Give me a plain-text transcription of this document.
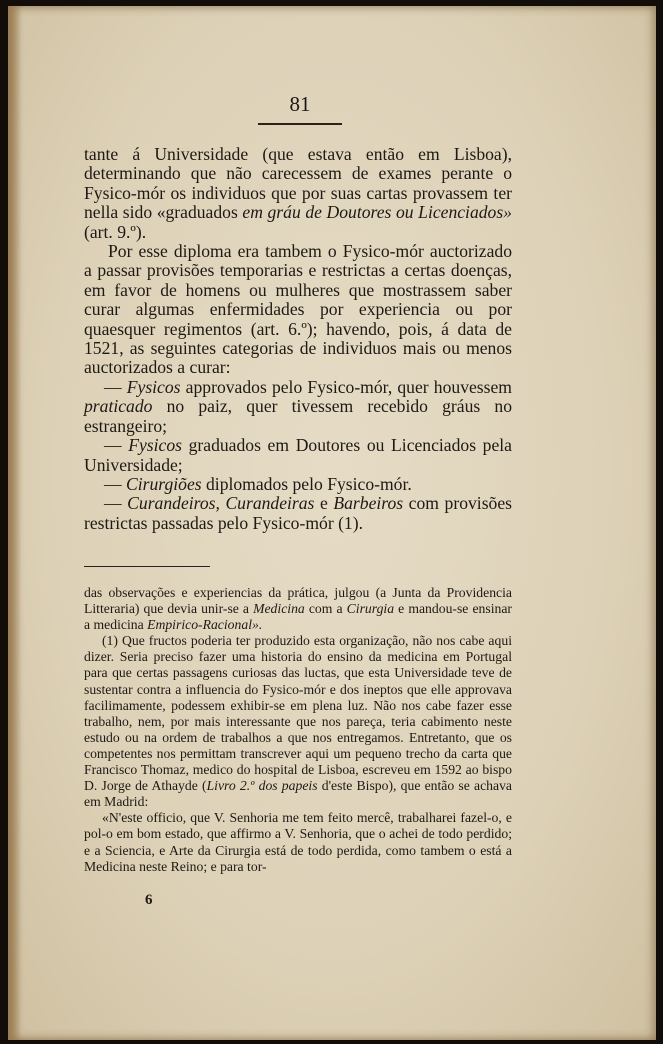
81

tante á Universidade (que estava então em Lisboa), determinando que não carecessem de exames perante o Fysico-mór os individuos que por suas cartas provassem ter nella sido «graduados em gráu de Doutores ou Licenciados» (art. 9.º).

Por esse diploma era tambem o Fysico-mór auctorizado a passar provisões temporarias e restrictas a certas doenças, em favor de homens ou mulheres que mostrassem saber curar algumas enfermidades por experiencia ou por quaesquer regimentos (art. 6.º); havendo, pois, á data de 1521, as seguintes categorias de individuos mais ou menos auctorizados a curar:

— Fysicos approvados pelo Fysico-mór, quer houvessem praticado no paiz, quer tivessem recebido gráus no estrangeiro;

— Fysicos graduados em Doutores ou Licenciados pela Universidade;

— Cirurgiões diplomados pelo Fysico-mór.

— Curandeiros, Curandeiras e Barbeiros com provisões restrictas passadas pelo Fysico-mór (1).

das observações e experiencias da prática, julgou (a Junta da Providencia Litteraria) que devia unir-se a Medicina com a Cirurgia e mandou-se ensinar a medicina Empirico-Racional».

(1) Que fructos poderia ter produzido esta organização, não nos cabe aqui dizer. Seria preciso fazer uma historia do ensino da medicina em Portugal para que certas passagens curiosas das luctas, que esta Universidade teve de sustentar contra a influencia do Fysico-mór e dos ineptos que elle approvava facilimamente, podessem exhibir-se em plena luz. Não nos cabe fazer esse trabalho, nem, por mais interessante que nos pareça, teria cabimento neste estudo ou na ordem de trabalhos a que nos entregamos. Entretanto, que os competentes nos permittam transcrever aqui um pequeno trecho da carta que Francisco Thomaz, medico do hospital de Lisboa, escreveu em 1592 ao bispo D. Jorge de Athayde (Livro 2.º dos papeis d'este Bispo), que então se achava em Madrid:

«N'este officio, que V. Senhoria me tem feito mercê, trabalharei fazel-o, e pol-o em bom estado, que affirmo a V. Senhoria, que o achei de todo perdido; e a Sciencia, e Arte da Cirurgia está de todo perdida, como tambem o está a Medicina neste Reino; e para tor-

6
